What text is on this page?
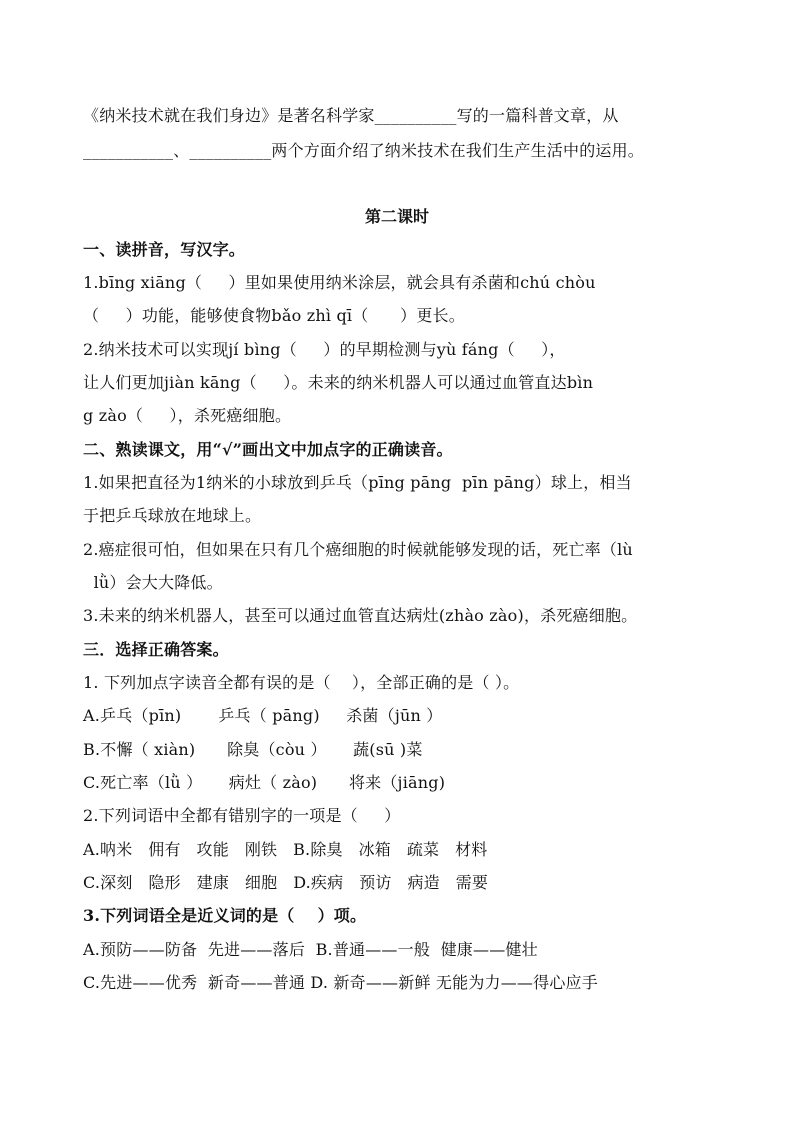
《纳米技术就在我们身边》是著名科学家__________写的一篇科普文章，从
___________、__________两个方面介绍了纳米技术在我们生产生活中的运用。
第二课时
一、读拼音，写汉字。
1.bīng xiāng（     ）里如果使用纳米涂层，就会具有杀菌和chú chòu
（     ）功能，能够使食物bǎo zhì qī（      ）更长。
2.纳米技术可以实现jí bìng（     ）的早期检测与yù fáng（     ），
让人们更加jiàn kāng（     ）。未来的纳米机器人可以通过血管直达bìn
g zào（     ），杀死癌细胞。
二、熟读课文，用“√”画出文中加点字的正确读音。
1.如果把直径为1纳米的小球放到乒乓（pīng pāng  pīn pāng）球上，相当
于把乒乓球放在地球上。
2.癌症很可怕，但如果在只有几个癌细胞的时候就能够发现的话，死亡率（lù
lǜ）会大大降低。
3.未来的纳米机器人，甚至可以通过血管直达病灶(zhào zào)，杀死癌细胞。
三．选择正确答案。
1. 下列加点字读音全都有误的是（    ），全部正确的是（ ）。
A.乒乓（pīn)       乒乓（ pāng)     杀菌（jūn ）
B.不懈（ xiàn)      除臭（còu ）     蔬(sū )菜
C.死亡率（lǜ ）     病灶（ zào)      将来（jiāng)
2.下列词语中全都有错别字的一项是（     ）
A.呐米   佣有   攻能   刚铁   B.除臭   冰箱   疏菜   材料
C.深刻   隐形   建康   细胞   D.疾病   预访   病造   需要
3.下列词语全是近义词的是（    ）项。
A.预防——防备  先进——落后  B.普通——一般  健康——健壮
C.先进——优秀  新奇——普通 D. 新奇——新鲜 无能为力——得心应手
